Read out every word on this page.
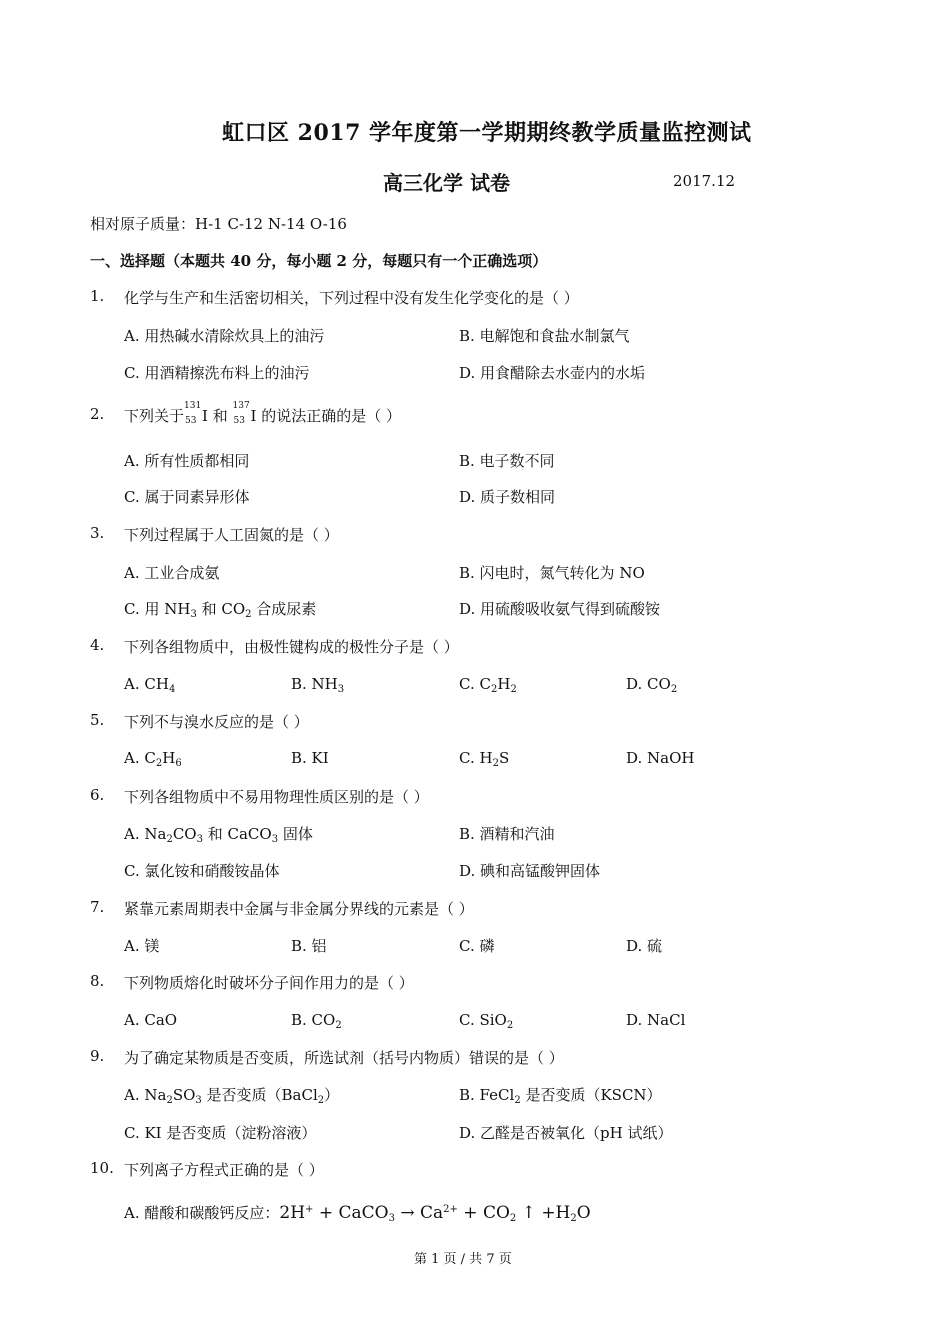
虹口区 2017 学年度第一学期期终教学质量监控测试
高三化学 试卷	2017.12
相对原子质量：H-1 C-12 N-14 O-16
一、选择题（本题共 40 分，每小题 2 分，每题只有一个正确选项）
1. 化学与生产和生活密切相关，下列过程中没有发生化学变化的是（ ）
A. 用热碱水清除炊具上的油污	B. 电解饱和食盐水制氯气
C. 用酒精擦洗布料上的油污	D. 用食醋除去水壶内的水垢
2. 下列关于
131
53 I 和
137
53 I 的说法正确的是（ ）
A. 所有性质都相同	B. 电子数不同
C. 属于同素异形体	D. 质子数相同
3. 下列过程属于人工固氮的是（ ）
A. 工业合成氨	B. 闪电时，氮气转化为 NO
C. 用 $NH_3$ 和 $CO_2$ 合成尿素	D. 用硫酸吸收氨气得到硫酸铵
4. 下列各组物质中，由极性键构成的极性分子是（ ）
A. $CH_4$	B. $NH_3$	C. $C_2H_2$	D. $CO_2$
5. 下列不与溴水反应的是（ ）
A. $C_2H_6$	B. KI	C. $H_2S$	D. NaOH
6. 下列各组物质中不易用物理性质区别的是（ ）
A. $Na_2CO_3$ 和 CaCO$_3$ 固体	B. 酒精和汽油
C. 氯化铵和硝酸铵晶体	D. 碘和高锰酸钾固体
7. 紧靠元素周期表中金属与非金属分界线的元素是（ ）
A. 镁	B. 铝	C. 磷	D. 硫
8. 下列物质熔化时破坏分子间作用力的是（ ）
A. CaO	B. $CO_2$	C. SiO$_2$	D. NaCl
9. 为了确定某物质是否变质，所选试剂（括号内物质）错误的是（ ）
A. $Na_2SO_3$ 是否变质（BaCl$_2$）	B. FeCl$_2$ 是否变质（KSCN）
C. KI 是否变质（淀粉溶液）	D. 乙醛是否被氧化（pH 试纸）
10. 下列离子方程式正确的是（ ）
A. 醋酸和碳酸钙反应：2H+ + CaCO$_3$ → $Ca^{2+} + CO_2$ ↑ $+H_2O$
第 1 页 / 共 7 页
